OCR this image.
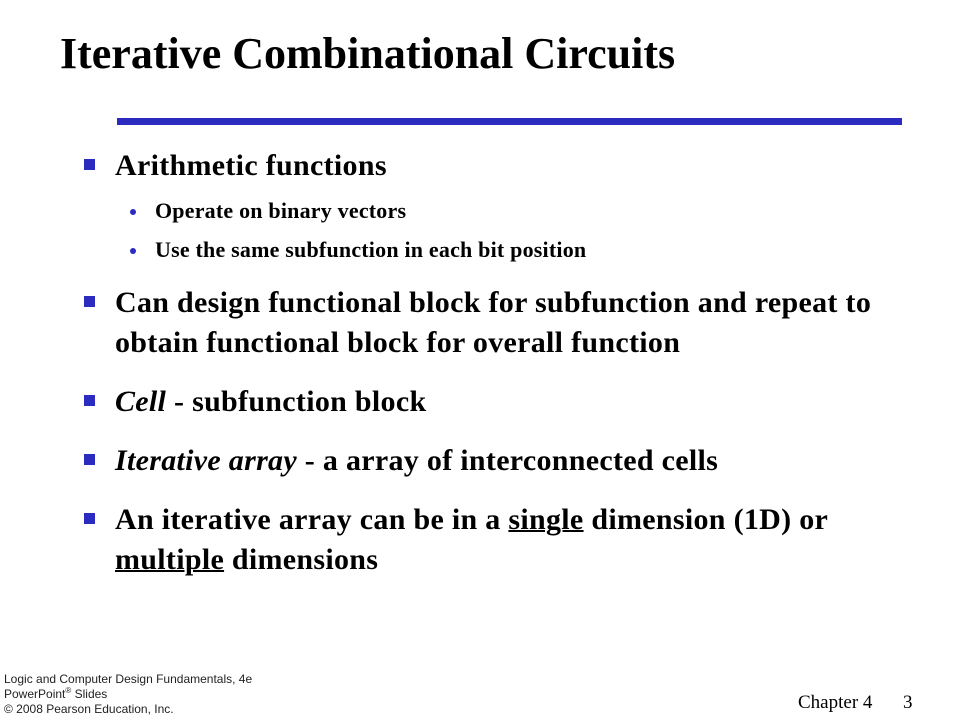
Iterative Combinational Circuits
Arithmetic functions
Operate on binary vectors
Use the same subfunction in each bit position
Can design functional block for subfunction and repeat to obtain functional block for overall function
Cell - subfunction block
Iterative array - a array of interconnected cells
An iterative array can be in a single dimension (1D) or multiple dimensions
Logic and Computer Design Fundamentals, 4e
PowerPoint® Slides
© 2008 Pearson Education, Inc.	Chapter 4 3
